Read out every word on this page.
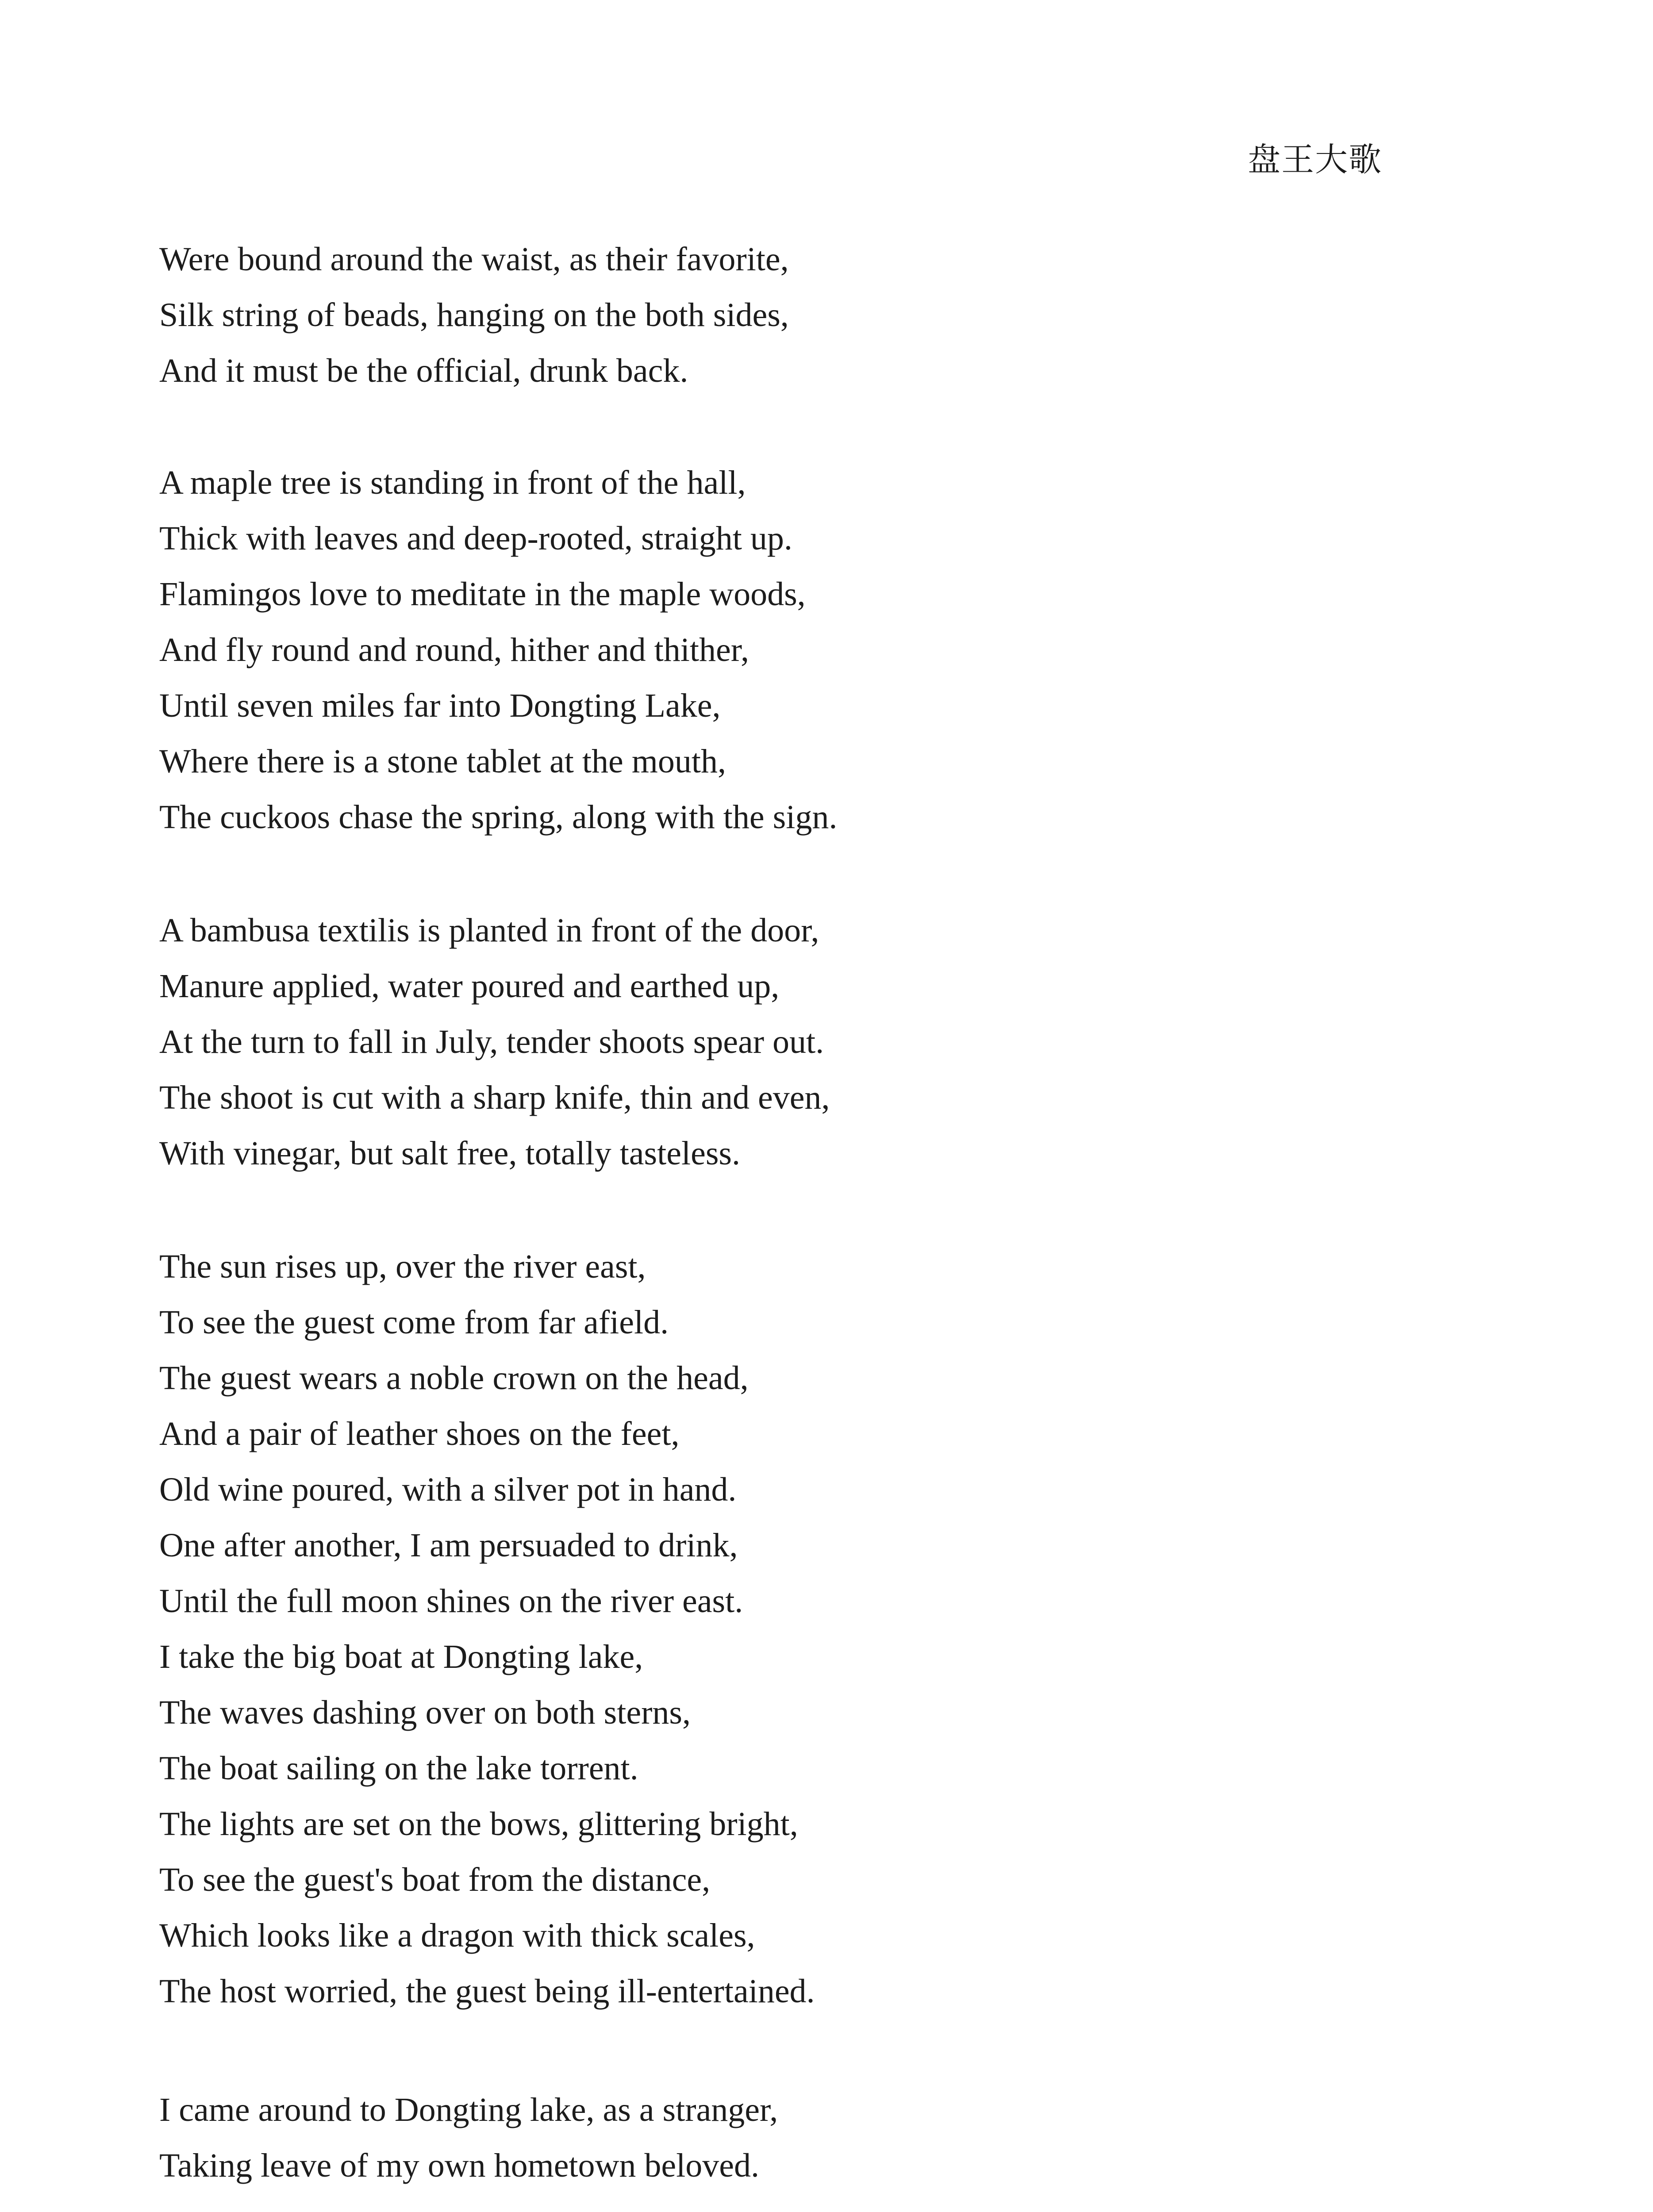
盘王大歌
Were bound around the waist, as their favorite,
Silk string of beads, hanging on the both sides,
And it must be the official, drunk back.
A maple tree is standing in front of the hall,
Thick with leaves and deep-rooted, straight up.
Flamingos love to meditate in the maple woods,
And fly round and round, hither and thither,
Until seven miles far into Dongting Lake,
Where there is a stone tablet at the mouth,
The cuckoos chase the spring, along with the sign.
A bambusa textilis is planted in front of the door,
Manure applied, water poured and earthed up,
At the turn to fall in July, tender shoots spear out.
The shoot is cut with a sharp knife, thin and even,
With vinegar, but salt free, totally tasteless.
The sun rises up, over the river east,
To see the guest come from far afield.
The guest wears a noble crown on the head,
And a pair of leather shoes on the feet,
Old wine poured, with a silver pot in hand.
One after another, I am persuaded to drink,
Until the full moon shines on the river east.
I take the big boat at Dongting lake,
The waves dashing over on both sterns,
The boat sailing on the lake torrent.
The lights are set on the bows, glittering bright,
To see the guest's boat from the distance,
Which looks like a dragon with thick scales,
The host worried, the guest being ill-entertained.
I came around to Dongting lake, as a stranger,
Taking leave of my own hometown beloved.
